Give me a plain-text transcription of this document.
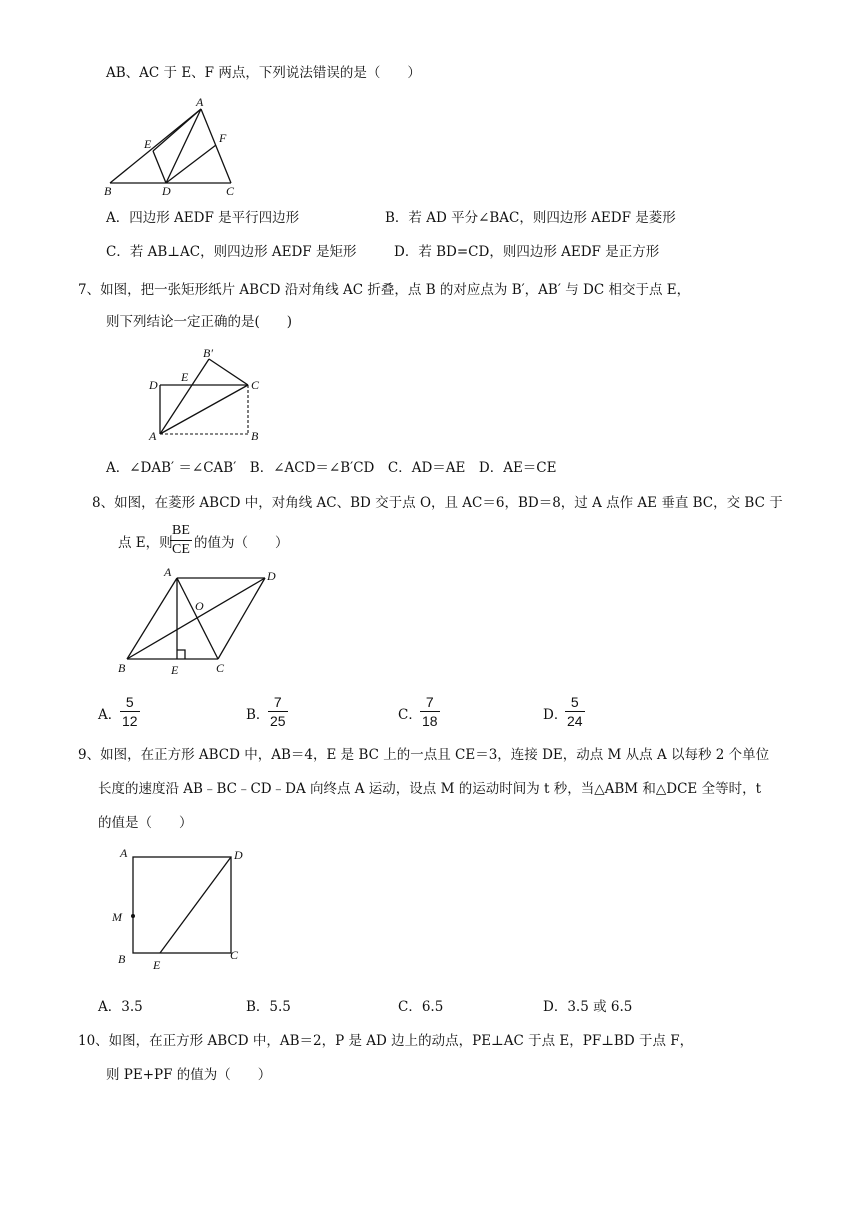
AB、AC 于 E、F 两点，下列说法错误的是（　　）
A
E	F
B	D	C
A．四边形 AEDF 是平行四边形	B．若 AD 平分∠BAC，则四边形 AEDF 是菱形
C．若 AB⊥AC，则四边形 AEDF 是矩形	D．若 BD=CD，则四边形 AEDF 是正方形
7、如图，把一张矩形纸片 ABCD 沿对角线 AC 折叠，点 B 的对应点为 B′，AB′ 与 DC 相交于点 E，
则下列结论一定正确的是(　　)
B′
D
E
C
A	B
A．∠DAB′ ＝∠CAB′　B．∠ACD＝∠B′CD　C．AD＝AE　D．AE＝CE
8、如图，在菱形 ABCD 中，对角线 AC、BD 交于点 O，且 AC＝6，BD＝8，过 A 点作 AE 垂直 BC，交 BC 于
点 E，则
BE
CE 的值为（　　）
A	D
O
B	E	C
A．
5
12	B．
7
25	C．
7
18	D．
5
24
9、如图，在正方形 ABCD 中，AB＝4，E 是 BC 上的一点且 CE＝3，连接 DE，动点 M 从点 A 以每秒 2 个单位
长度的速度沿 AB﹣BC﹣CD﹣DA 向终点 A 运动，设点 M 的运动时间为 t 秒，当△ABM 和△DCE 全等时，t
的值是（　　）
A	D
M
B E
C
A．3.5	B．5.5	C．6.5	D．3.5 或 6.5
10、如图，在正方形 ABCD 中，AB＝2，P 是 AD 边上的动点，PE⊥AC 于点 E，PF⊥BD 于点 F，
则 PE+PF 的值为（　　）
